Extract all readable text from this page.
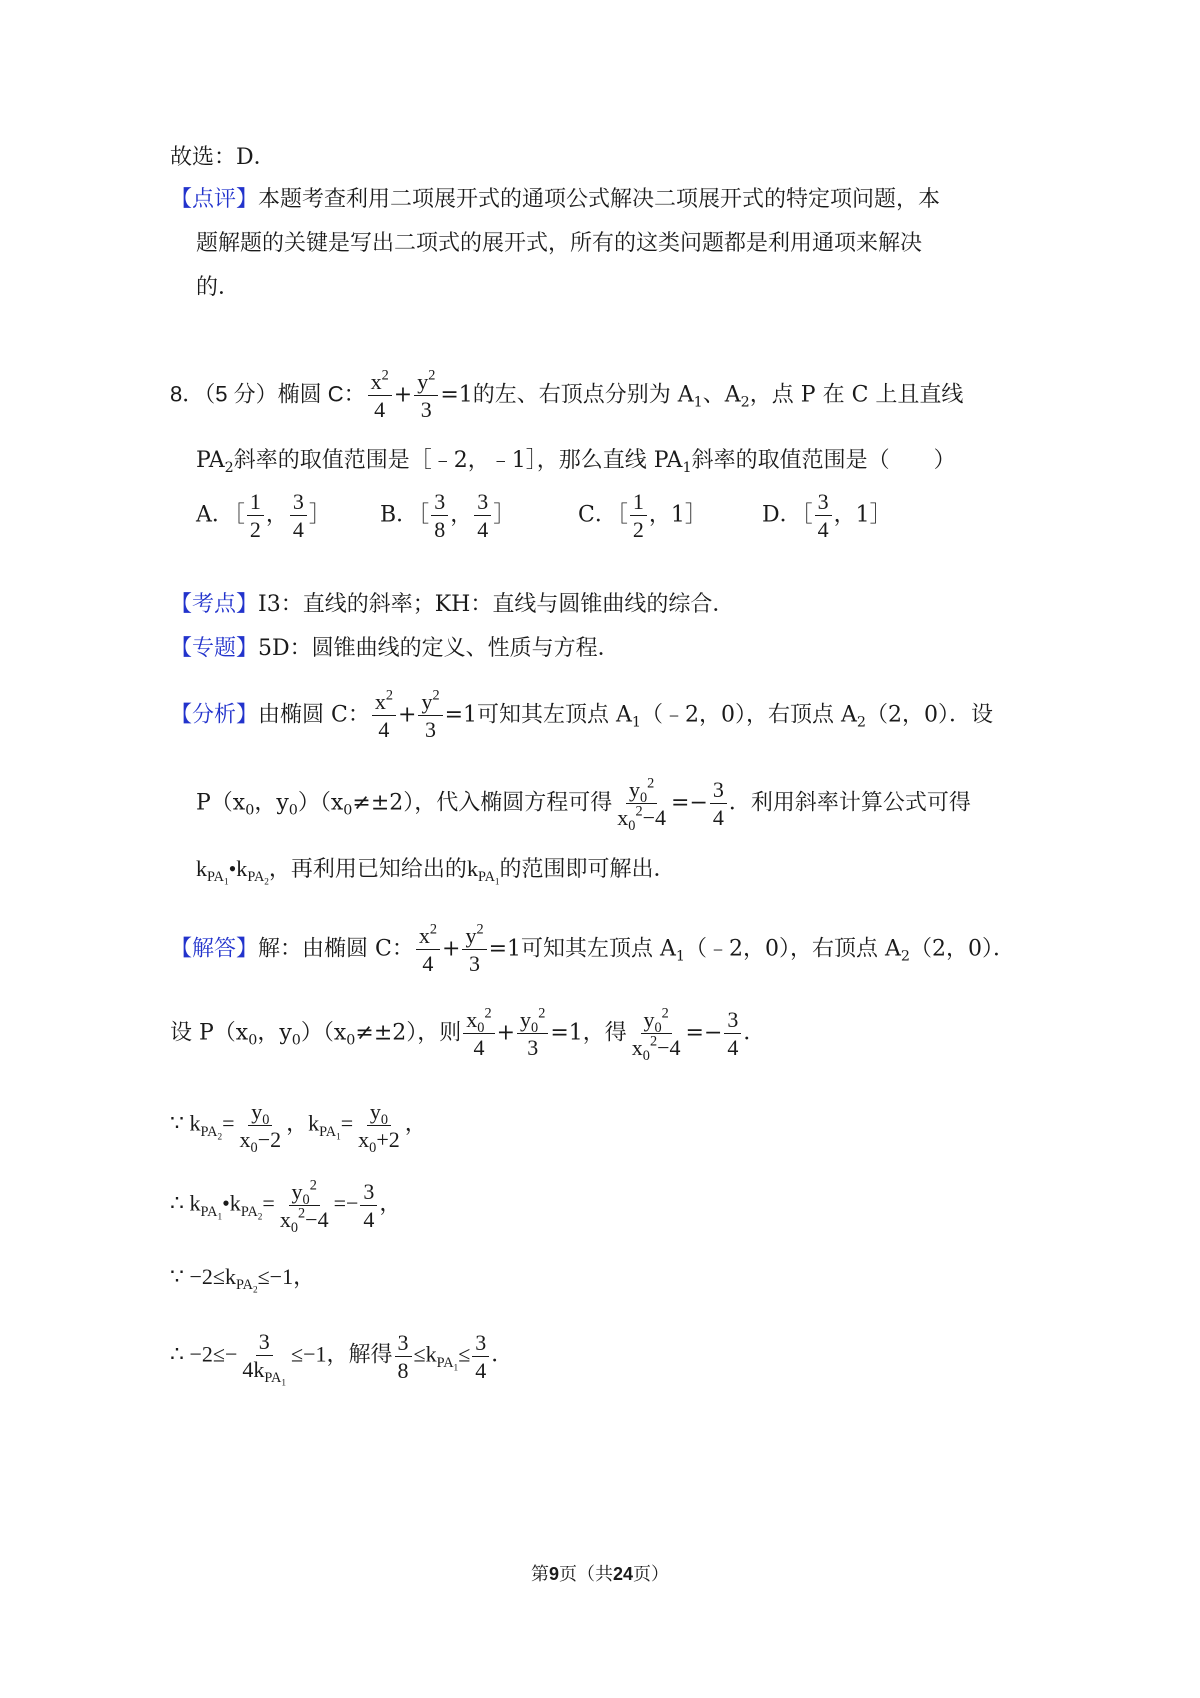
故选：D．
【点评】本题考查利用二项展开式的通项公式解决二项展开式的特定项问题，本
题解题的关键是写出二项式的展开式，所有的这类问题都是利用通项来解决
的．
8．（5 分）椭圆 C： $\frac{x^2}{4} + \frac{y^2}{3} =1$的左、右顶点分别为 $A_1$、$A_2$，点 P 在 C 上且直线
$PA_2$斜率的取值范围是［﹣2，﹣1］，那么直线 $PA_1$斜率的取值范围是（　　）
A．［ $\frac{1}{2}$ ， $\frac{3}{4}$ ］ B．［ $\frac{3}{8}$ ， $\frac{3}{4}$ ］	C．［ $\frac{1}{2}$ ，1］	D．［ $\frac{3}{4}$ ，1］
【考点】I3：直线的斜率；KH：直线与圆锥曲线的综合．
【专题】5D：圆锥曲线的定义、性质与方程．
【分析】由椭圆 C： $\frac{x^2}{4} + \frac{y^2}{3} =1$可知其左顶点 $A_1(﹣2$，0），右顶点 $A_2(2$，0）．设
$P(x_0$，$y_0)(x_0\ne\pm 2)$，代入椭圆方程可得 $\frac{y_0^2}{x_0^2-4} =- \frac{3}{4}$ ．利用斜率计算公式可得
$k_{PA_1}•k_{PA_2}$，再利用已知给出的$k_{PA_1}$的范围即可解出．
【解答】解：由椭圆 C： $\frac{x^2}{4} + \frac{y^2}{3} =1$可知其左顶点 $A_1(﹣2$，0），右顶点 $A_2(2$，0）．
设 $P(x_0$，$y_0)(x_0\ne\pm 2)$，则 $\frac{x_0^2}{4} + \frac{y_0^2}{3} =1$，得 $\frac{y_0^2}{x_0^2-4} =- \frac{3}{4}$ ．
∵ $k_{PA_2}= \frac{y_0}{x_0-2}$ ，$k_{PA_1}= \frac{y_0}{x_0+2}$ ，
∴ $k_{PA_1}•k_{PA_2}= \frac{y_0^2}{x_0^2-4} =- \frac{3}{4}$ ，
∵ $-2\le k_{PA_2}\le-1$，
∴ −2≤−
3
$4k_{PA_1}$
≤−1，解得 $\frac{3}{8} \le k_{PA_1}\le \frac{3}{4}$ ．
第9页（共24页）
